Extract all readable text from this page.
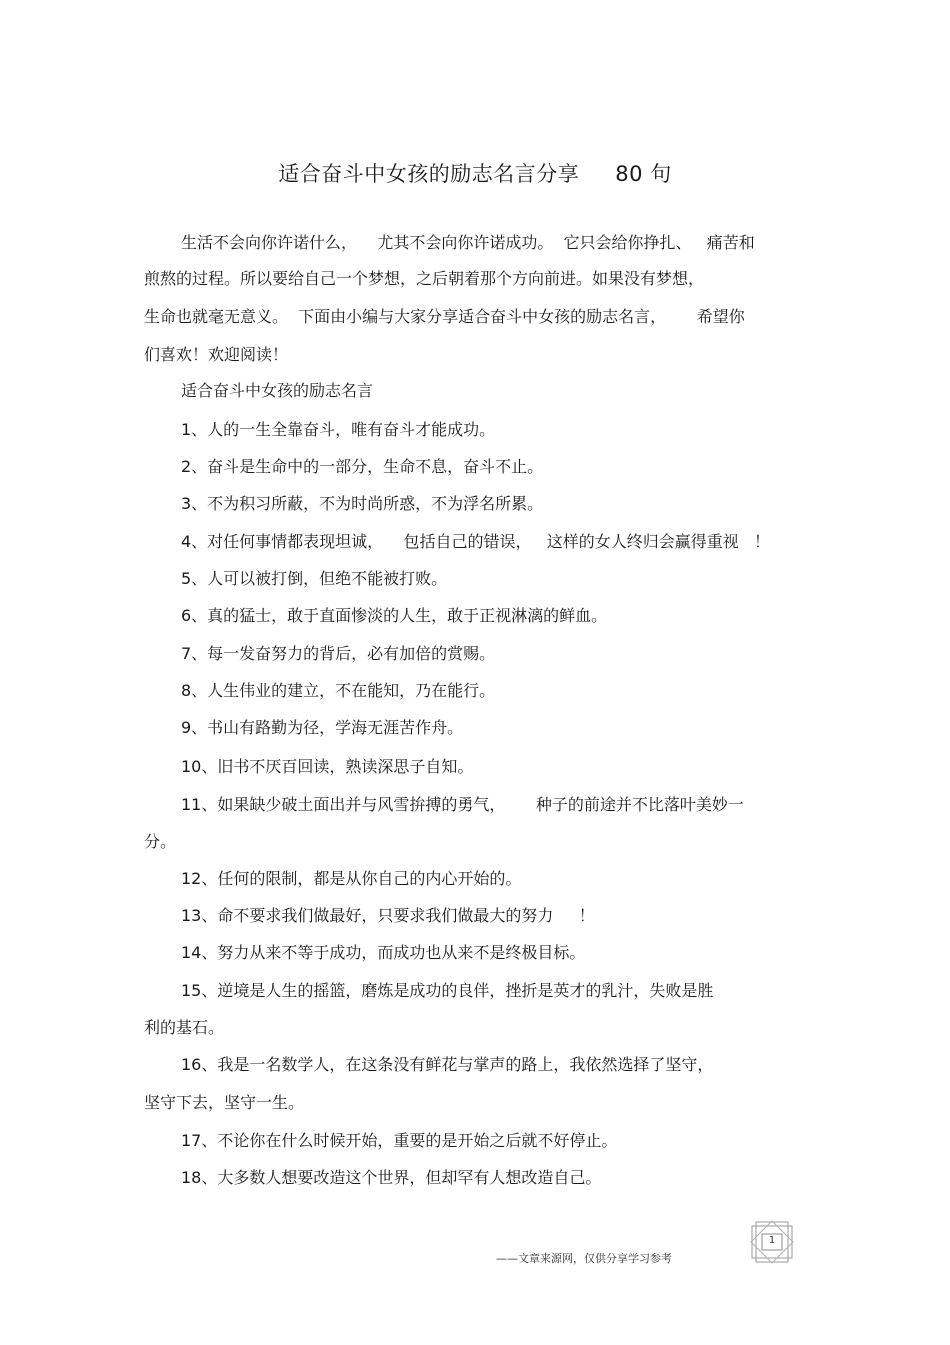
适合奋斗中女孩的励志名言分享 80 句
生活不会向你许诺什么，    尤其不会向你许诺成功。  它只会给你挣扎、   痛苦和
煎熬的过程。所以要给自己一个梦想，之后朝着那个方向前进。如果没有梦想，
生命也就毫无意义。  下面由小编与大家分享适合奋斗中女孩的励志名言，      希望你
们喜欢！欢迎阅读！
适合奋斗中女孩的励志名言
1、人的一生全靠奋斗，唯有奋斗才能成功。
2、奋斗是生命中的一部分，生命不息，奋斗不止。
3、不为积习所蔽，不为时尚所惑，不为浮名所累。
4、对任何事情都表现坦诚，    包括自己的错误，   这样的女人终归会赢得重视   ！
5、人可以被打倒，但绝不能被打败。
6、真的猛士，敢于直面惨淡的人生，敢于正视淋漓的鲜血。
7、每一发奋努力的背后，必有加倍的赏赐。
8、人生伟业的建立，不在能知，乃在能行。
9、书山有路勤为径，学海无涯苦作舟。
10、旧书不厌百回读，熟读深思子自知。
11、如果缺少破土面出并与风雪拚搏的勇气，      种子的前途并不比落叶美妙一
分。
12、任何的限制，都是从你自己的内心开始的。
13、命不要求我们做最好，只要求我们做最大的努力     ！
14、努力从来不等于成功，而成功也从来不是终极目标。
15、逆境是人生的摇篮，磨炼是成功的良伴，挫折是英才的乳汁，失败是胜
利的基石。
16、我是一名数学人，在这条没有鲜花与掌声的路上，我依然选择了坚守，
坚守下去，坚守一生。
17、不论你在什么时候开始，重要的是开始之后就不好停止。
18、大多数人想要改造这个世界，但却罕有人想改造自己。
1
——文章来源网，仅供分享学习参考
